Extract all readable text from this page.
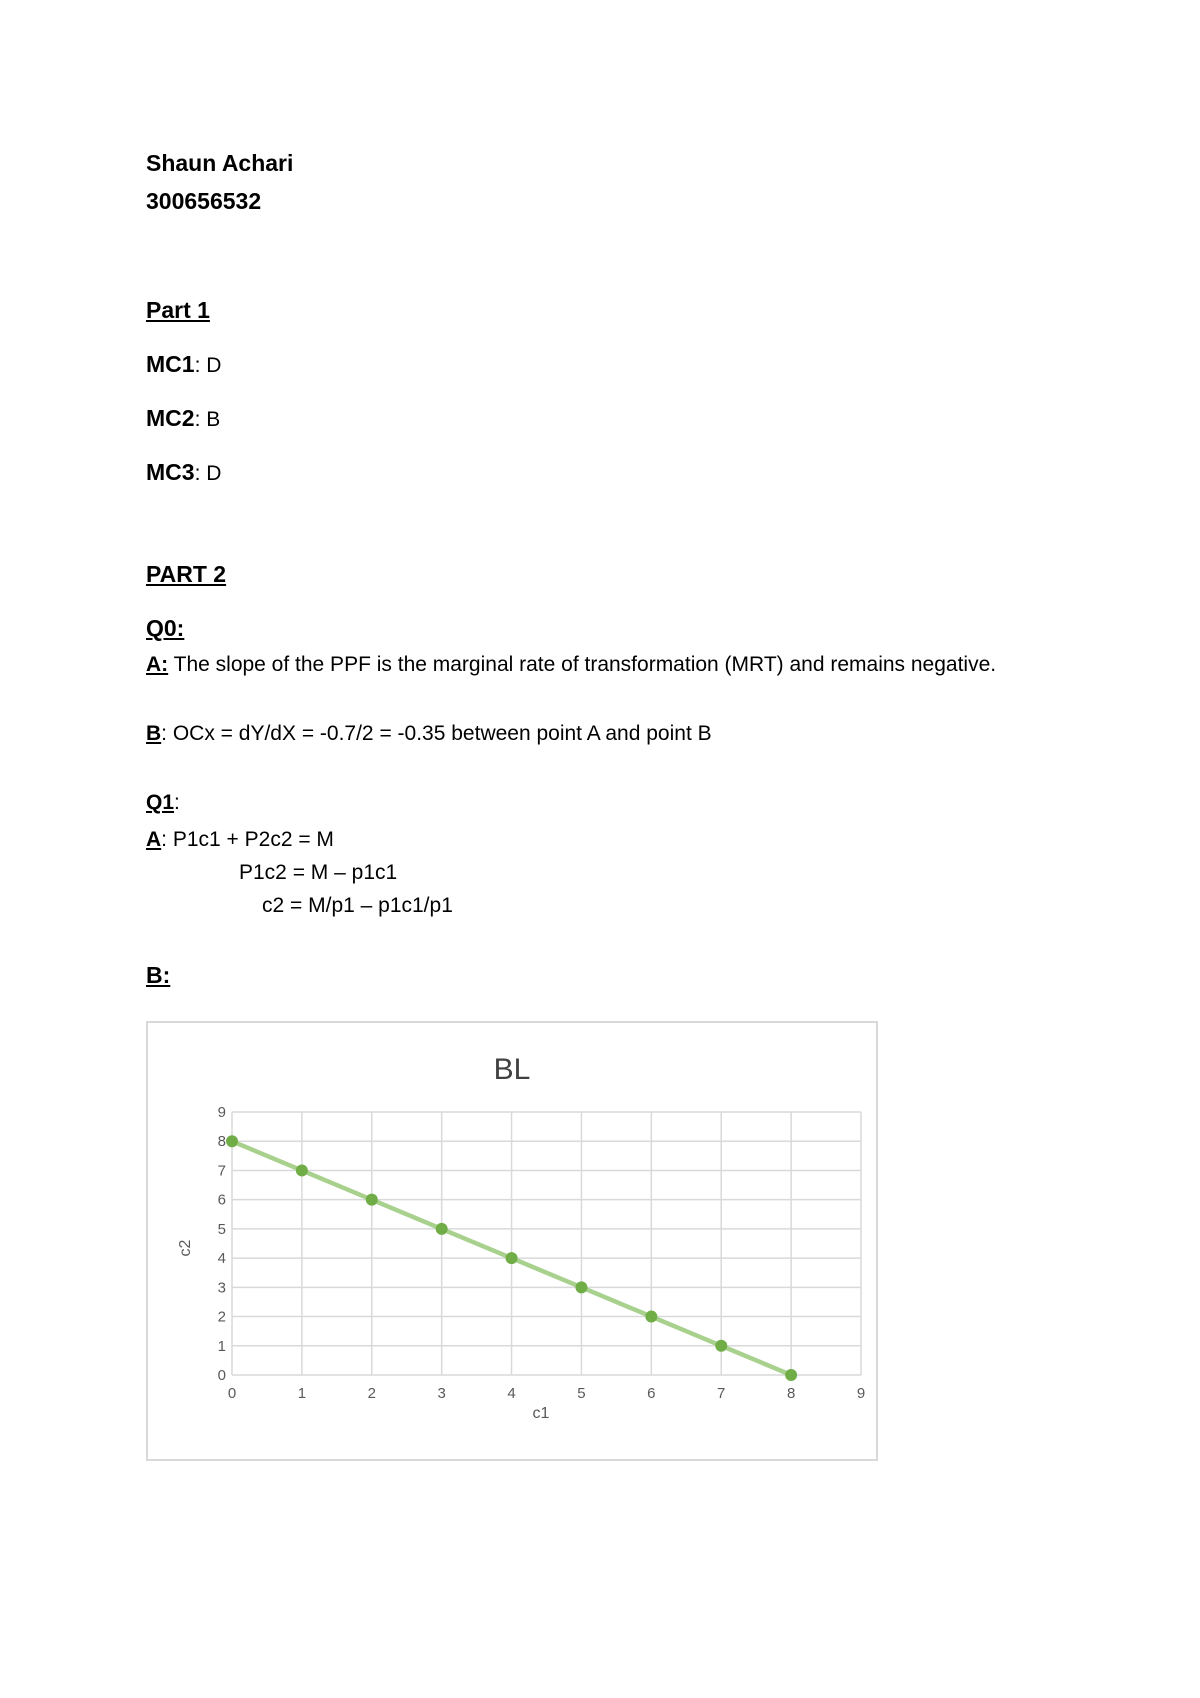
Shaun Achari
300656532
Part 1
MC1: D
MC2: B
MC3: D
PART 2
Q0:
A: The slope of the PPF is the marginal rate of transformation (MRT) and remains negative.
B: OCx = dY/dX = -0.7/2 = -0.35 between point A and point B
Q1:
A: P1c1 + P2c2 = M
P1c2 = M – p1c1
c2 = M/p1 – p1c1/p1
B:
BL
0	1	2	3	4	5	6	7	8	9
0
1
2
3
4
5
6
7
8
9
c1
c2
